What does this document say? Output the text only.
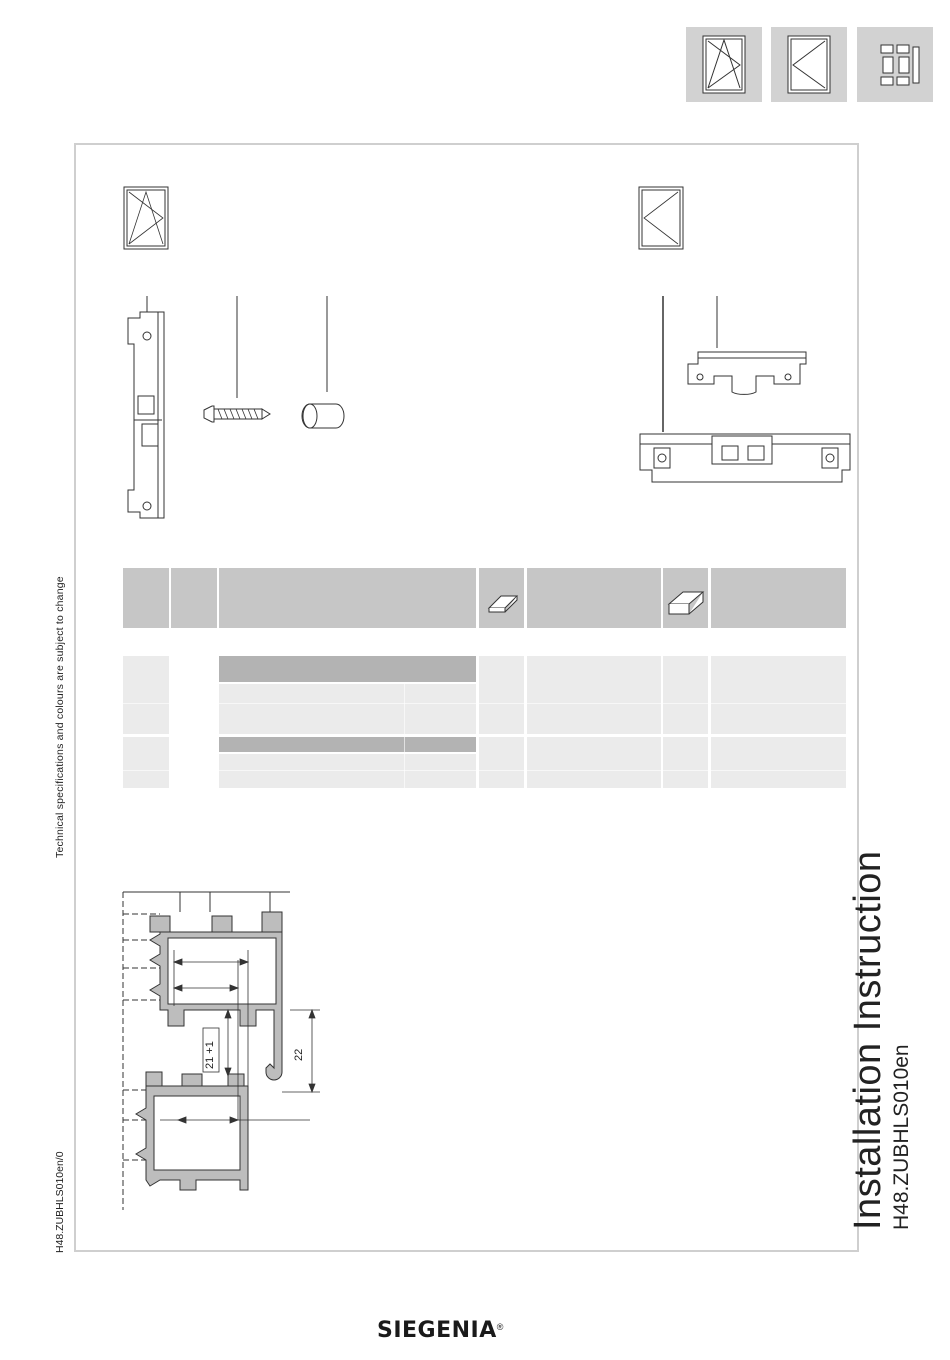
Technical specifications and colours are subject to change
H48.ZUBHLS010en/0
21 +1	22	Installation Instruction H48.ZUBHLS010en
SIEGENIA®
